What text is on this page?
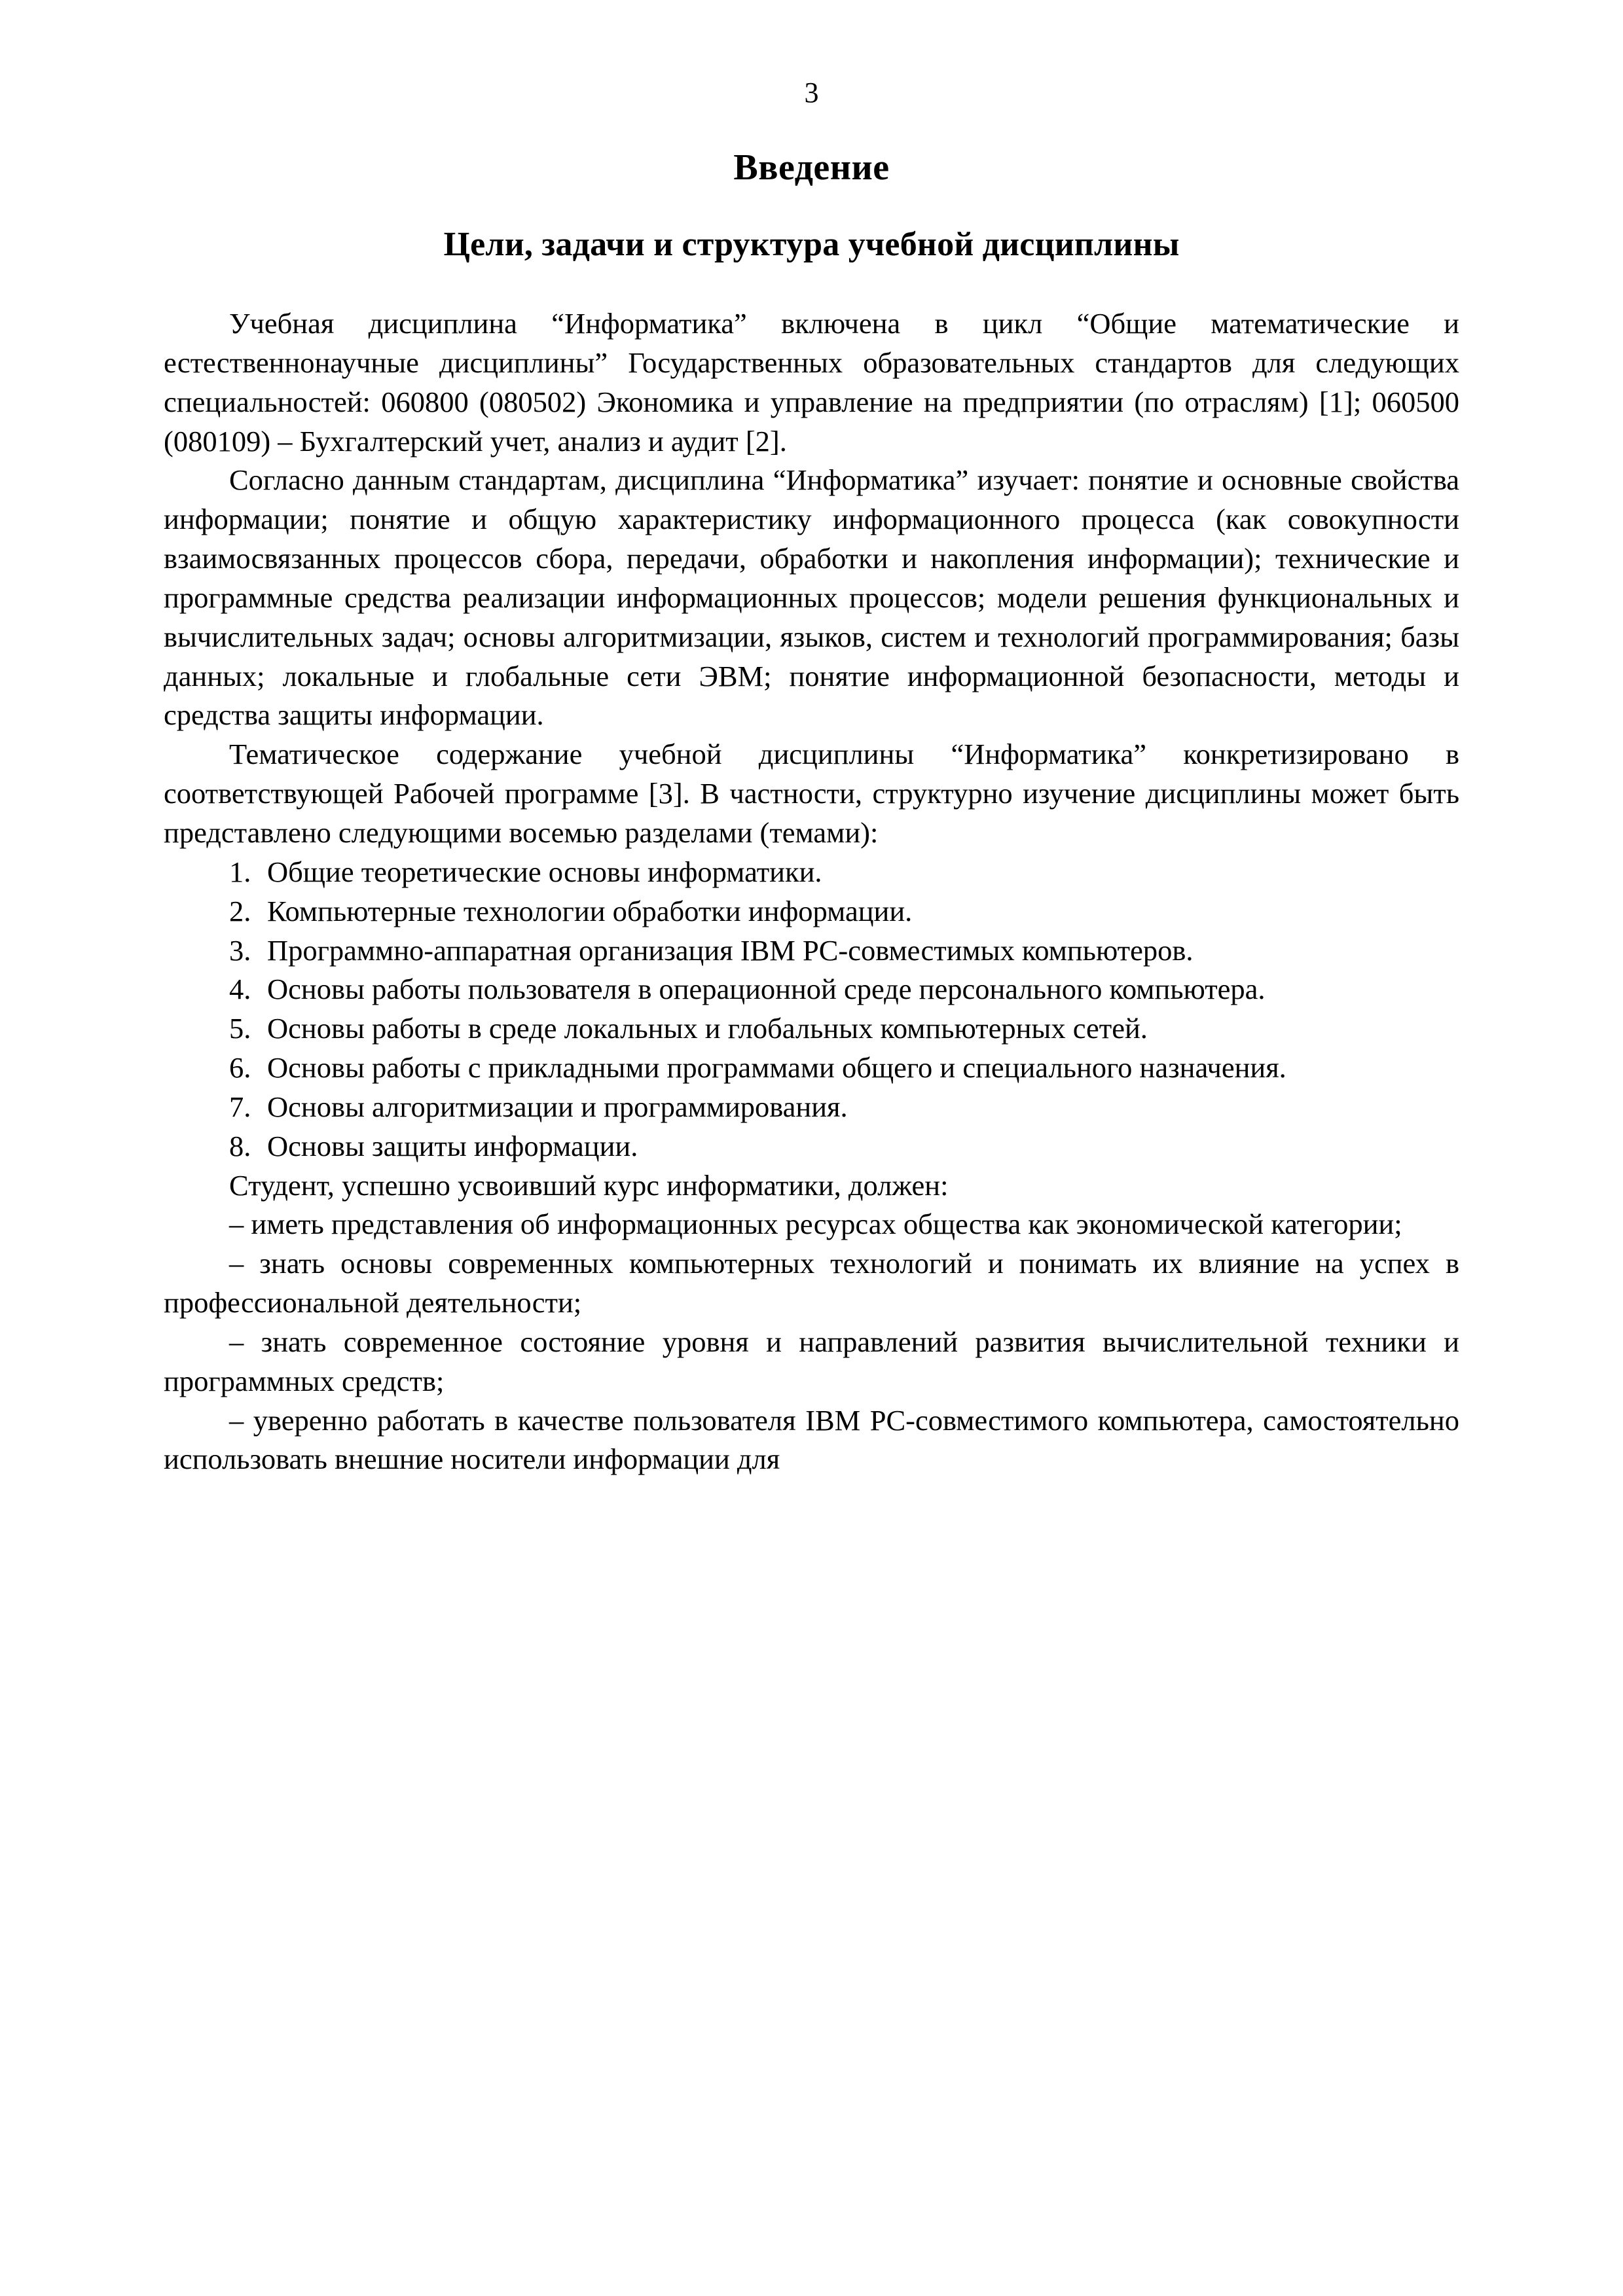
3
Введение
Цели, задачи и структура учебной дисциплины

Учебная дисциплина “Информатика” включена в цикл “Общие математические и естественнонаучные дисциплины” Государственных образовательных стандартов для следующих специальностей: 060800 (080502) Экономика и управление на предприятии (по отраслям) [1]; 060500 (080109) – Бухгалтерский учет, анализ и аудит [2].

Согласно данным стандартам, дисциплина “Информатика” изучает: понятие и основные свойства информации; понятие и общую характеристику информационного процесса (как совокупности взаимосвязанных процессов сбора, передачи, обработки и накопления информации); технические и программные средства реализации информационных процессов; модели решения функциональных и вычислительных задач; основы алгоритмизации, языков, систем и технологий программирования; базы данных; локальные и глобальные сети ЭВМ; понятие информационной безопасности, методы и средства защиты информации.

Тематическое содержание учебной дисциплины “Информатика” конкретизировано в соответствующей Рабочей программе [3]. В частности, структурно изучение дисциплины может быть представлено следующими восемью разделами (темами):

1. Общие теоретические основы информатики.
2. Компьютерные технологии обработки информации.
3. Программно-аппаратная организация IBM PC-совместимых компьютеров.
4. Основы работы пользователя в операционной среде персонального компьютера.
5. Основы работы в среде локальных и глобальных компьютерных сетей.
6. Основы работы с прикладными программами общего и специального назначения.
7. Основы алгоритмизации и программирования.
8. Основы защиты информации.

Студент, успешно усвоивший курс информатики, должен:

– иметь представления об информационных ресурсах общества как экономической категории;

– знать основы современных компьютерных технологий и понимать их влияние на успех в профессиональной деятельности;

– знать современное состояние уровня и направлений развития вычислительной техники и программных средств;

– уверенно работать в качестве пользователя IBM PC-совместимого компьютера, самостоятельно использовать внешние носители информации для
